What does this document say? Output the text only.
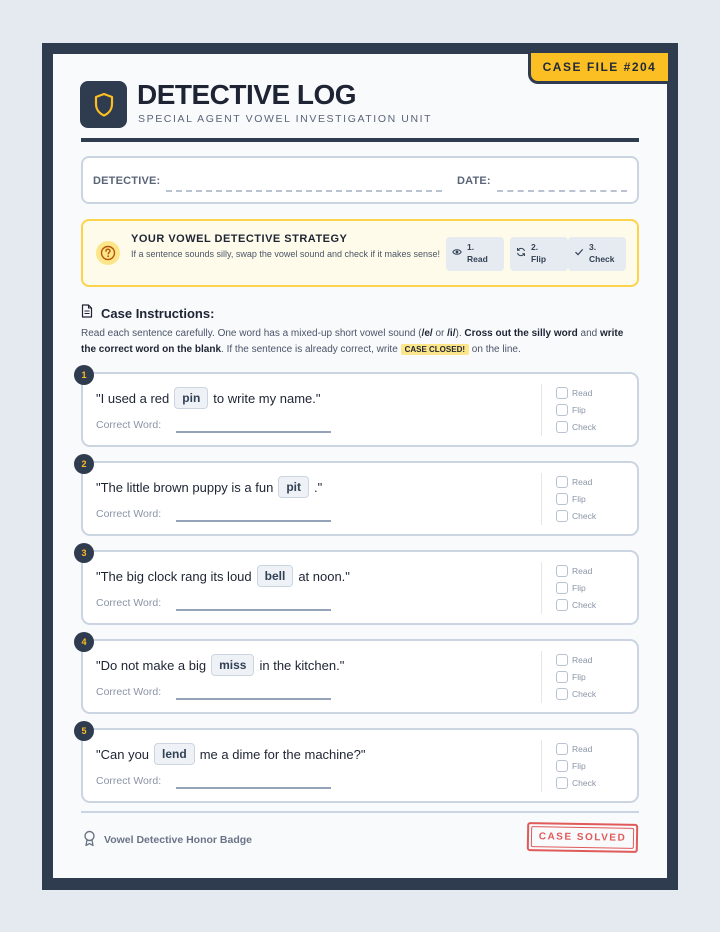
CASE FILE #204
DETECTIVE LOG
SPECIAL AGENT VOWEL INVESTIGATION UNIT
DETECTIVE:	DATE:
YOUR VOWEL DETECTIVE STRATEGY
If a sentence sounds silly, swap the vowel sound and check if it makes sense!
1.
Read
2.
Flip
3.
Check
Case Instructions:
Read each sentence carefully. One word has a mixed-up short vowel sound (/e/ or /i/). Cross out the silly word and write the correct word on the blank. If the sentence is already correct, write CASE CLOSED! on the line.
1
"I used a red	pin	to write my name."
Correct Word:
Read
Flip
Check
2
"The little brown puppy is a fun	pit	."
Correct Word:
Read
Flip
Check
3
"The big clock rang its loud	bell	at noon."
Correct Word:
Read
Flip
Check
4
"Do not make a big	miss	in the kitchen."
Correct Word:
Read
Flip
Check
5
"Can you	lend	me a dime for the machine?"
Correct Word:
Read
Flip
Check
Vowel Detective Honor Badge	CASE SOLVED
